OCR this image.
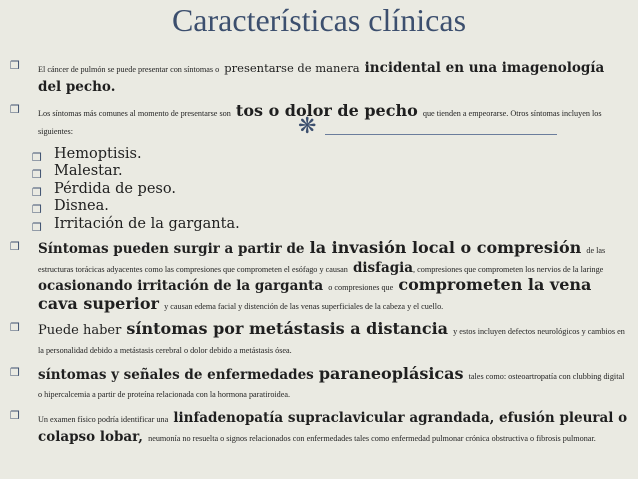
Características clínicas
❋
❒ El cáncer de pulmón se puede presentar con síntomas o presentarse de manera incidental en una imagenología del pecho.
❒ Los síntomas más comunes al momento de presentarse son tos o dolor de pecho que tienden a empeorarse. Otros síntomas incluyen los siguientes:
❒ Hemoptisis.
❒ Malestar.
❒ Pérdida de peso.
❒ Disnea.
❒ Irritación de la garganta.
❒ Síntomas pueden surgir a partir de la invasión local o compresión de las estructuras torácicas adyacentes como las compresiones que comprometen el esófago y causan disfagia, compresiones que comprometen los nervios de la laringe ocasionando irritación de la garganta o compresiones que comprometen la vena cava superior y causan edema facial y distención de las venas superficiales de la cabeza y el cuello.
❒ Puede haber síntomas por metástasis a distancia y estos incluyen defectos neurológicos y cambios en la personalidad debido a metástasis cerebral o dolor debido a metástasis ósea.
❒ síntomas y señales de enfermedades paraneoplásicas tales como: osteoartropatía con clubbing digital o hipercalcemia a partir de proteína relacionada con la hormona paratiroidea.
❒ Un examen físico podría identificar una linfadenopatía supraclavicular agrandada, efusión pleural o colapso lobar, neumonía no resuelta o signos relacionados con enfermedades tales como enfermedad pulmonar crónica obstructiva o fibrosis pulmonar.
